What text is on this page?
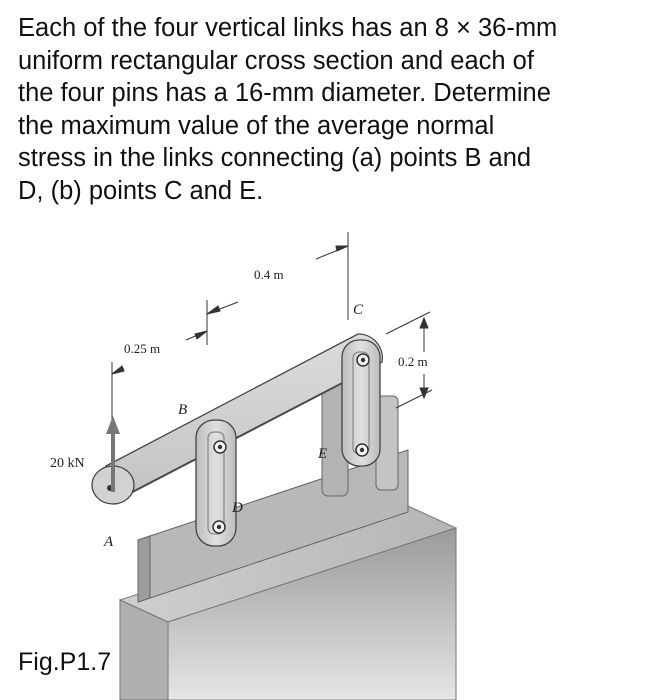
Each of the four vertical links has an 8 × 36-mm
uniform rectangular cross section and each of
the four pins has a 16-mm diameter. Determine
the maximum value of the average normal
stress in the links connecting (a) points B and
D, (b) points C and E.
0.4 m
0.25 m
0.2 m
20 kN
A
B
C
D
E
Fig.P1.7
